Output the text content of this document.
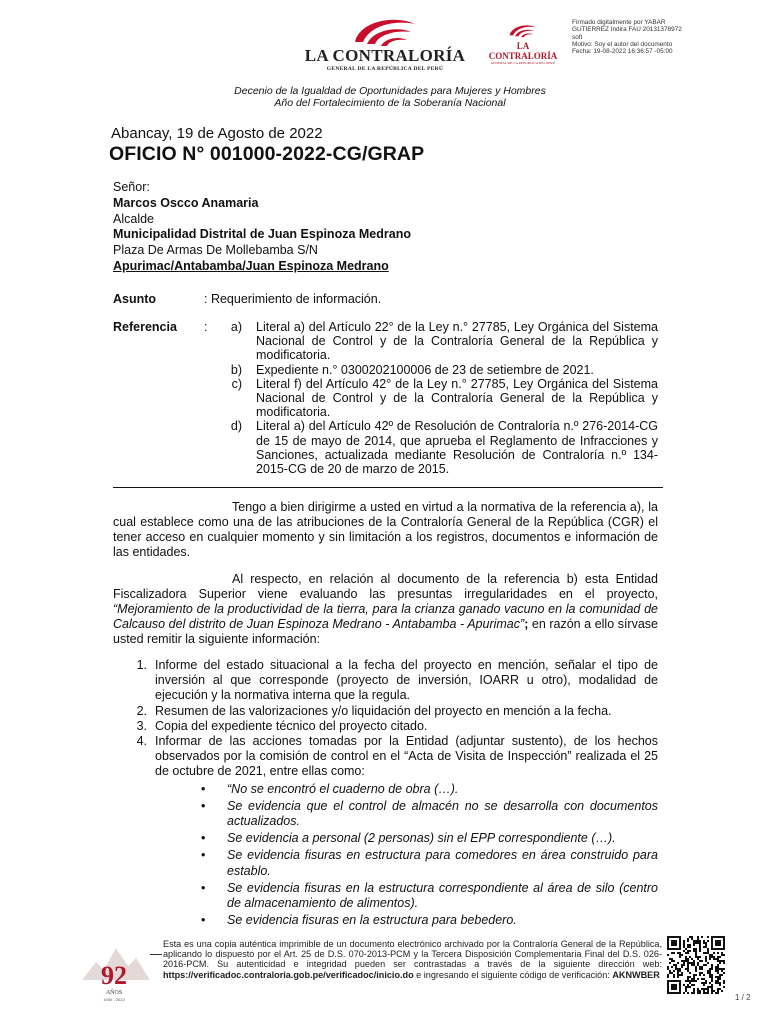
LA CONTRALORÍA
GENERAL DE LA REPÚBLICA DEL PERÚ
LA CONTRALORÍA
GENERAL DE LA REPÚBLICA DEL PERÚ
Firmado digitalmente por YABAR
GUTIERREZ Indira FAU 20131378972
soft
Motivo: Soy el autor del documento
Fecha: 19-08-2022 16:36:57 -05:00
Decenio de la Igualdad de Oportunidades para Mujeres y Hombres
Año del Fortalecimiento de la Soberanía Nacional
Abancay, 19 de Agosto de 2022
OFICIO N° 001000-2022-CG/GRAP
Señor:
Marcos Oscco Anamaria
Alcalde
Municipalidad Distrital de Juan Espinoza Medrano
Plaza De Armas De Mollebamba S/N
Apurimac/Antabamba/Juan Espinoza Medrano
Asunto	: Requerimiento de información.
Referencia :	a)	Literal a) del Artículo 22° de la Ley n.° 27785, Ley Orgánica del Sistema Nacional de Control y de la Contraloría General de la República y modificatoria.
b)	Expediente n.° 0300202100006 de 23 de setiembre de 2021.
c)	Literal f) del Artículo 42° de la Ley n.° 27785, Ley Orgánica del Sistema Nacional de Control y de la Contraloría General de la República y modificatoria.
d)	Literal a) del Artículo 42º de Resolución de Contraloría n.º 276-2014-CG de 15 de mayo de 2014, que aprueba el Reglamento de Infracciones y Sanciones, actualizada mediante Resolución de Contraloría n.º 134-2015-CG de 20 de marzo de 2015.
Tengo a bien dirigirme a usted en virtud a la normativa de la referencia a), la cual establece como una de las atribuciones de la Contraloría General de la República (CGR) el tener acceso en cualquier momento y sin limitación a los registros, documentos e información de las entidades.
Al respecto, en relación al documento de la referencia b) esta Entidad Fiscalizadora Superior viene evaluando las presuntas irregularidades en el proyecto, “Mejoramiento de la productividad de la tierra, para la crianza ganado vacuno en la comunidad de Calcauso del distrito de Juan Espinoza Medrano - Antabamba - Apurimac”; en razón a ello sírvase usted remitir la siguiente información:
1. Informe del estado situacional a la fecha del proyecto en mención, señalar el tipo de inversión al que corresponde (proyecto de inversión, IOARR u otro), modalidad de ejecución y la normativa interna que la regula.
2. Resumen de las valorizaciones y/o liquidación del proyecto en mención a la fecha.
3. Copia del expediente técnico del proyecto citado.
4. Informar de las acciones tomadas por la Entidad (adjuntar sustento), de los hechos observados por la comisión de control en el “Acta de Visita de Inspección” realizada el 25 de octubre de 2021, entre ellas como:
•	“No se encontró el cuaderno de obra (…).
•	Se evidencia que el control de almacén no se desarrolla con documentos actualizados.
•	Se evidencia a personal (2 personas) sin el EPP correspondiente (…).
•	Se evidencia fisuras en estructura para comedores en área construido para establo.
•	Se evidencia fisuras en la estructura correspondiente al área de silo (centro de almacenamiento de alimentos).
•	Se evidencia fisuras en la estructura para bebedero.
92
AÑOS
1930 - 2022
Esta es una copia auténtica imprimible de un documento electrónico archivado por la Contraloría General de la República, aplicando lo dispuesto por el Art. 25 de D.S. 070-2013-PCM y la Tercera Disposición Complementaria Final del D.S. 026- 2016-PCM. Su autenticidad e integridad pueden ser contrastadas a través de la siguiente dirección web: https://verificadoc.contraloria.gob.pe/verificadoc/inicio.do e ingresando el siguiente código de verificación: AKNWBER
1 / 2
